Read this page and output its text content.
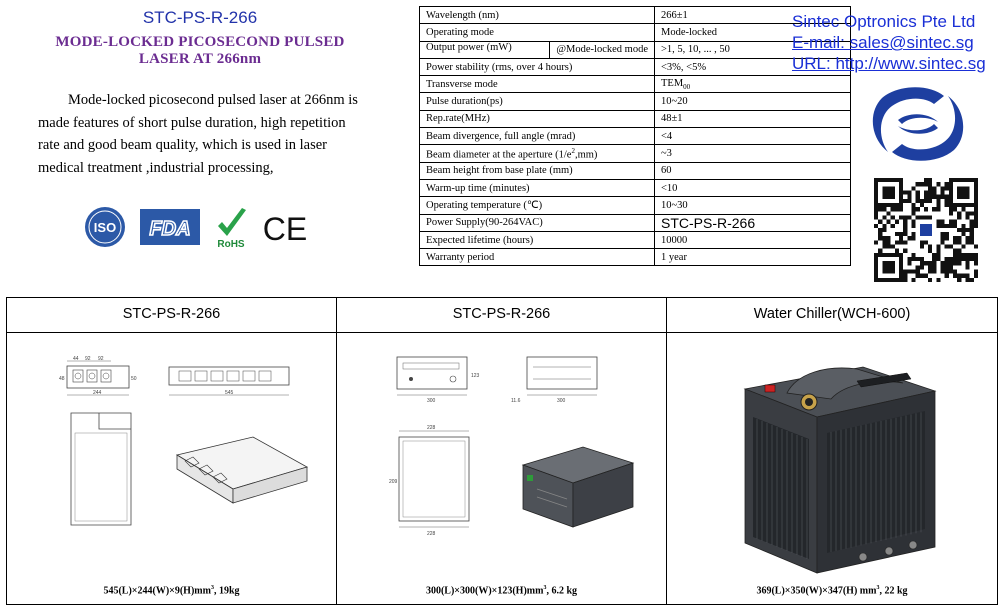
STC-PS-R-266
MODE-LOCKED PICOSECOND PULSED
LASER AT 266nm
Mode-locked picosecond pulsed laser at 266nm is made features of short pulse duration, high repetition rate and good beam quality, which is used in laser medical treatment ,industrial processing,
ISO FDA
RoHS CE
Wavelength (nm)	266±1
Operating mode	Mode-locked
Output power (mW) @Mode-locked mode	>1, 5, 10, ... , 50
Power stability (rms, over 4 hours)	<3%, <5%
Transverse mode	$TEM_{00}$
Pulse duration(ps)	10~20
Rep.rate(MHz)	48±1
Beam divergence, full angle (mrad)	<4
Beam diameter at the aperture $(1/e^2,mm)$	~3
Beam height from base plate (mm)	60
Warm-up time (minutes)	<10
Operating temperature (℃)	10~30
Power Supply(90-264VAC)	STC-PS-R-266
Expected lifetime (hours)	10000
Warranty period	1 year
Sintec Optronics Pte Ltd
E-mail: sales@sintec.sg
URL: http://www.sintec.sg
STC-PS-R-266
44 92 92
48	50
244	545
$545(L)\times 244(W)\times 9(H)mm^3$, 19kg
STC-PS-R-266
300
123
300
11.6
228
228
209
$300(L)\times 300(W)\times 123(H)mm^3$, 6.2 kg
Water Chiller(WCH-600)
369(L)×350(W)×347(H) $mm^3$, 22 kg
